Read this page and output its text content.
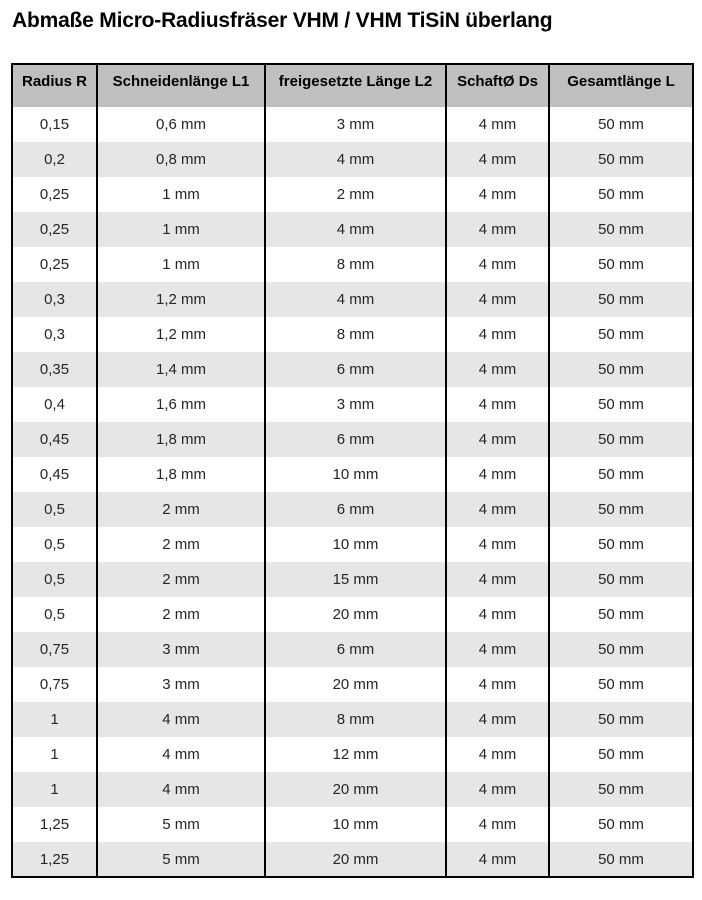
Abmaße Micro-Radiusfräser VHM / VHM TiSiN überlang
Radius R	Schneidenlänge L1	freigesetzte Länge L2	SchaftØ Ds	Gesamtlänge L
0,15	0,6 mm	3 mm	4 mm	50 mm
0,2	0,8 mm	4 mm	4 mm	50 mm
0,25	1 mm	2 mm	4 mm	50 mm
0,25	1 mm	4 mm	4 mm	50 mm
0,25	1 mm	8 mm	4 mm	50 mm
0,3	1,2 mm	4 mm	4 mm	50 mm
0,3	1,2 mm	8 mm	4 mm	50 mm
0,35	1,4 mm	6 mm	4 mm	50 mm
0,4	1,6 mm	3 mm	4 mm	50 mm
0,45	1,8 mm	6 mm	4 mm	50 mm
0,45	1,8 mm	10 mm	4 mm	50 mm
0,5	2 mm	6 mm	4 mm	50 mm
0,5	2 mm	10 mm	4 mm	50 mm
0,5	2 mm	15 mm	4 mm	50 mm
0,5	2 mm	20 mm	4 mm	50 mm
0,75	3 mm	6 mm	4 mm	50 mm
0,75	3 mm	20 mm	4 mm	50 mm
1	4 mm	8 mm	4 mm	50 mm
1	4 mm	12 mm	4 mm	50 mm
1	4 mm	20 mm	4 mm	50 mm
1,25	5 mm	10 mm	4 mm	50 mm
1,25	5 mm	20 mm	4 mm	50 mm
